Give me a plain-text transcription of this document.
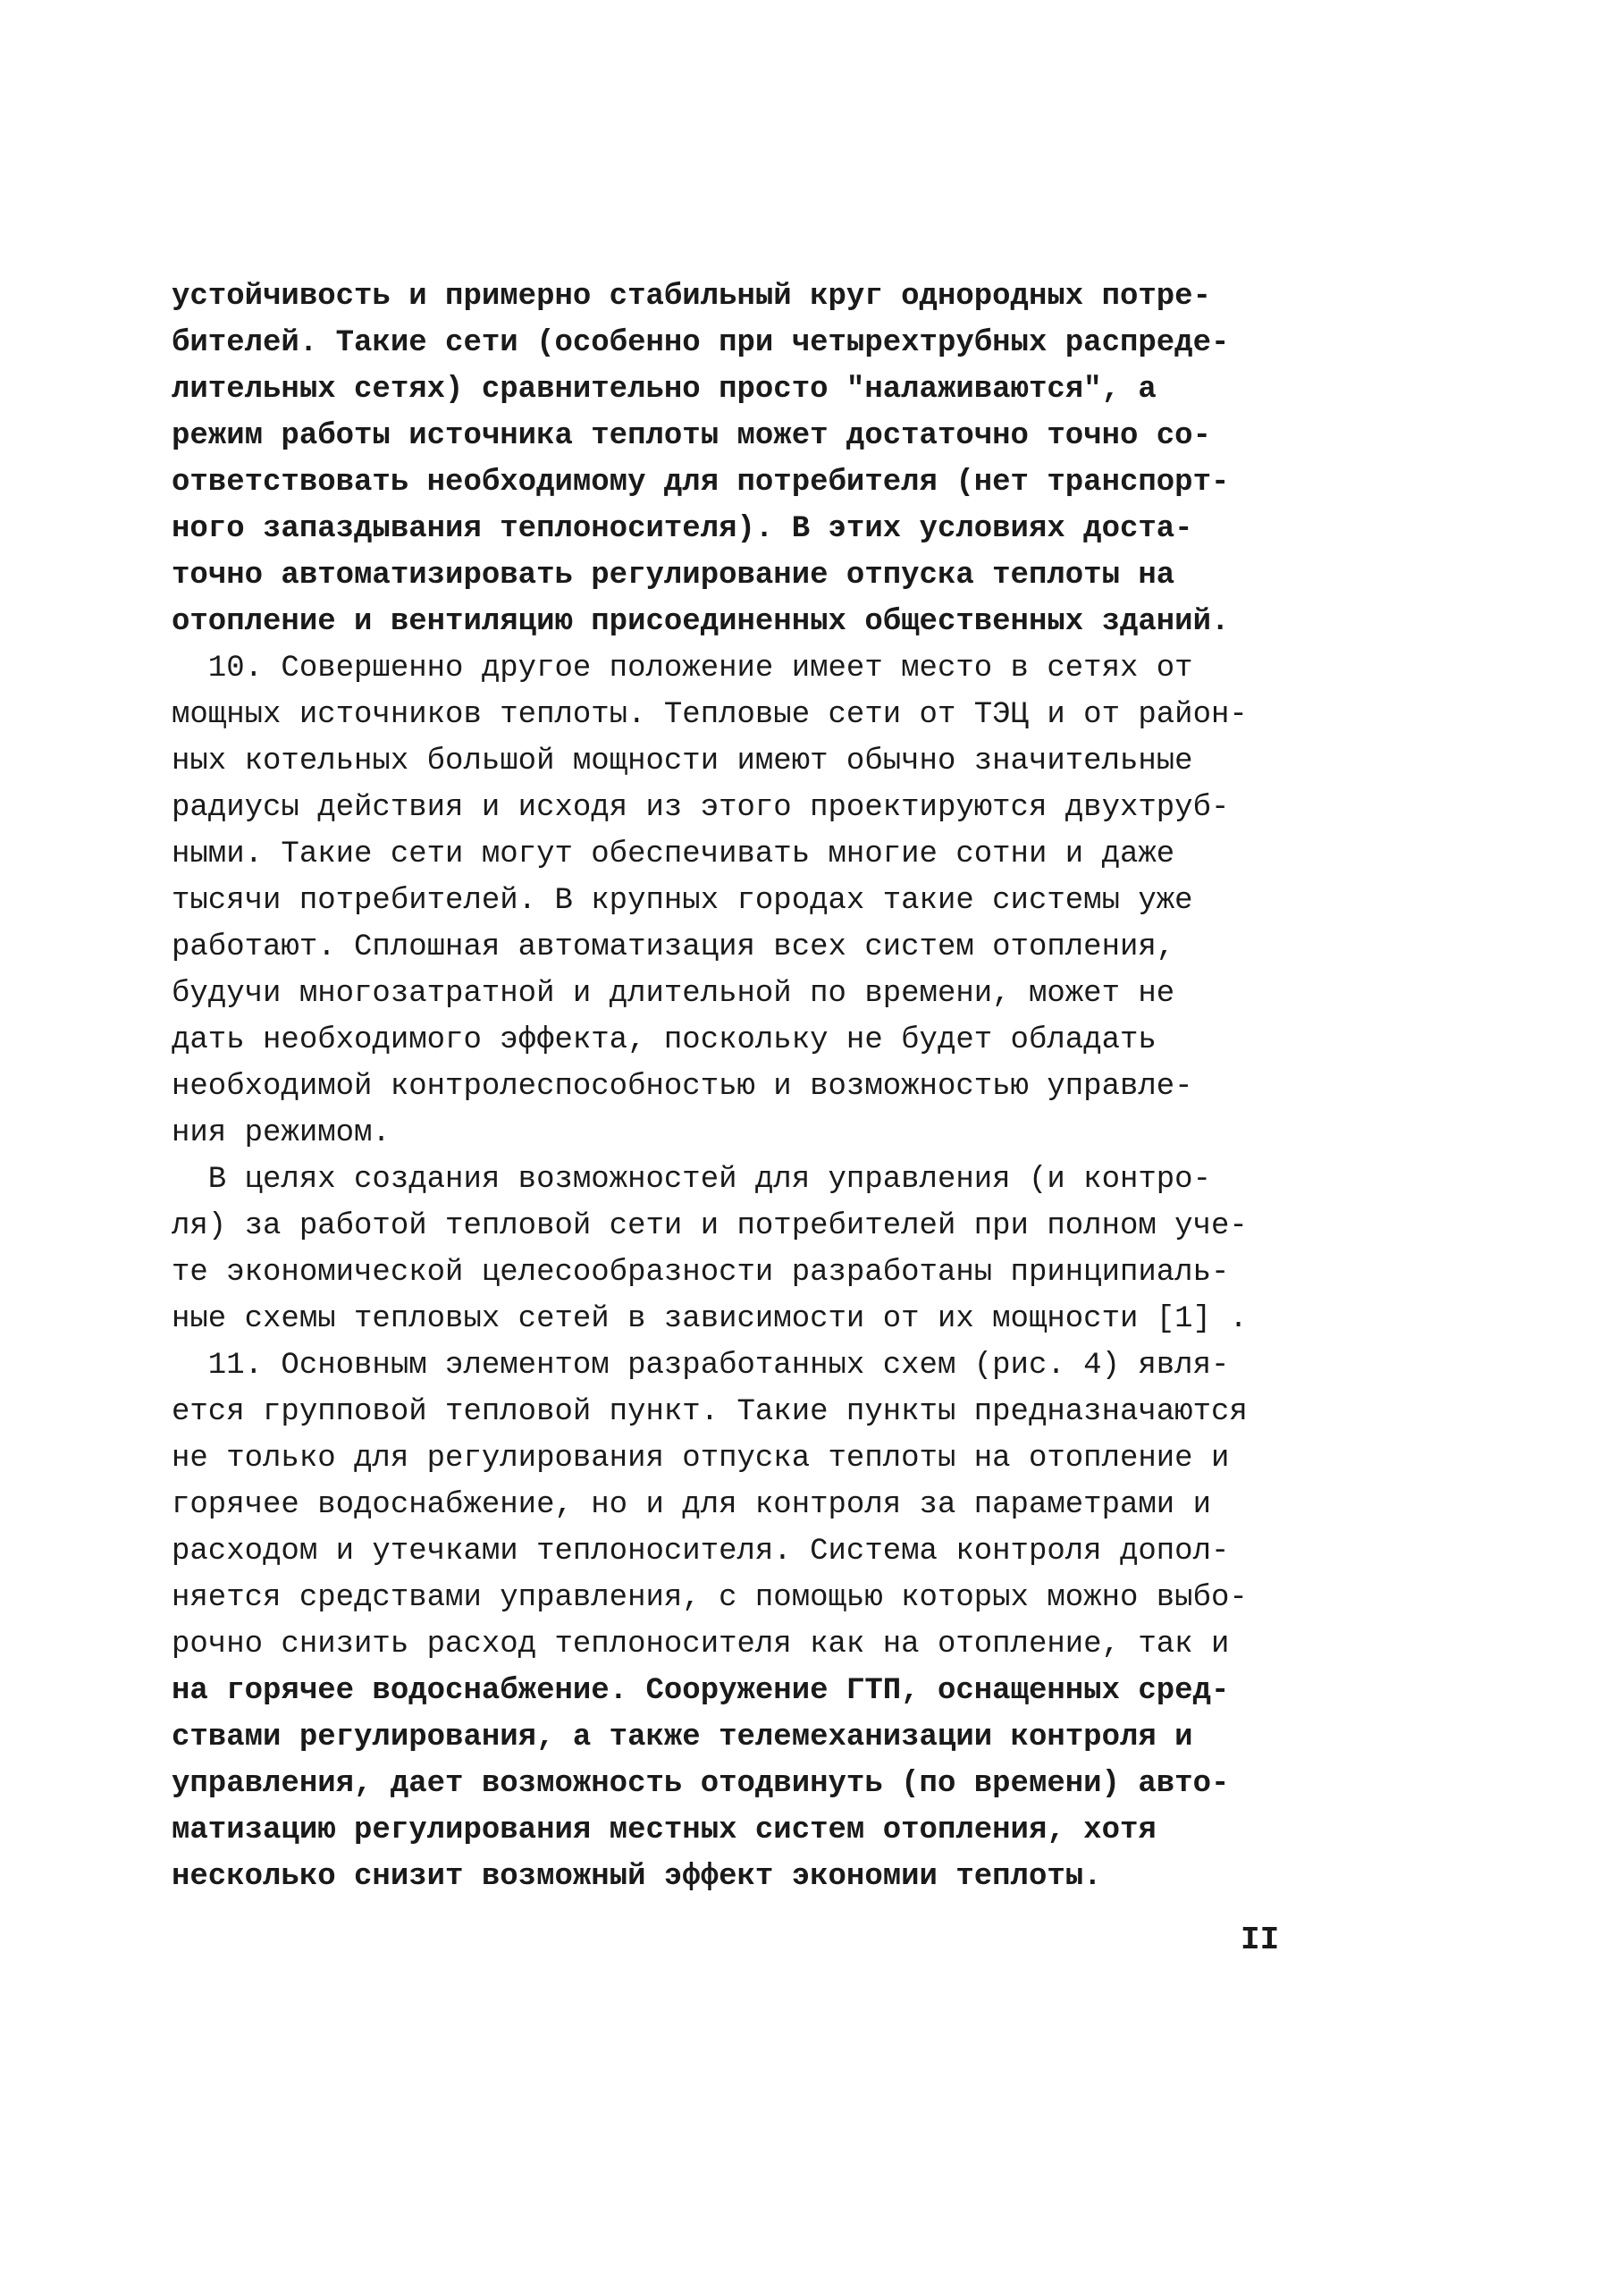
устойчивость и примерно стабильный круг однородных потре-
бителей. Такие сети (особенно при четырехтрубных распреде-
лительных сетях) сравнительно просто "налаживаются", а
режим работы источника теплоты может достаточно точно со-
ответствовать необходимому для потребителя (нет транспорт-
ного запаздывания теплоносителя). В этих условиях доста-
точно автоматизировать регулирование отпуска теплоты на
отопление и вентиляцию присоединенных общественных зданий.
10. Совершенно другое положение имеет место в сетях от
мощных источников теплоты. Тепловые сети от ТЭЦ и от район-
ных котельных большой мощности имеют обычно значительные
радиусы действия и исходя из этого проектируются двухтруб-
ными. Такие сети могут обеспечивать многие сотни и даже
тысячи потребителей. В крупных городах такие системы уже
работают. Сплошная автоматизация всех систем отопления,
будучи многозатратной и длительной по времени, может не
дать необходимого эффекта, поскольку не будет обладать
необходимой контролеспособностью и возможностью управле-
ния режимом.
В целях создания возможностей для управления (и контро-
ля) за работой тепловой сети и потребителей при полном уче-
те экономической целесообразности разработаны принципиаль-
ные схемы тепловых сетей в зависимости от их мощности [1] .
11. Основным элементом разработанных схем (рис. 4) явля-
ется групповой тепловой пункт. Такие пункты предназначаются
не только для регулирования отпуска теплоты на отопление и
горячее водоснабжение, но и для контроля за параметрами и
расходом и утечками теплоносителя. Система контроля допол-
няется средствами управления, с помощью которых можно выбо-
рочно снизить расход теплоносителя как на отопление, так и
на горячее водоснабжение. Сооружение ГТП, оснащенных сред-
ствами регулирования, а также телемеханизации контроля и
управления, дает возможность отодвинуть (по времени) авто-
матизацию регулирования местных систем отопления, хотя
несколько снизит возможный эффект экономии теплоты.
II
